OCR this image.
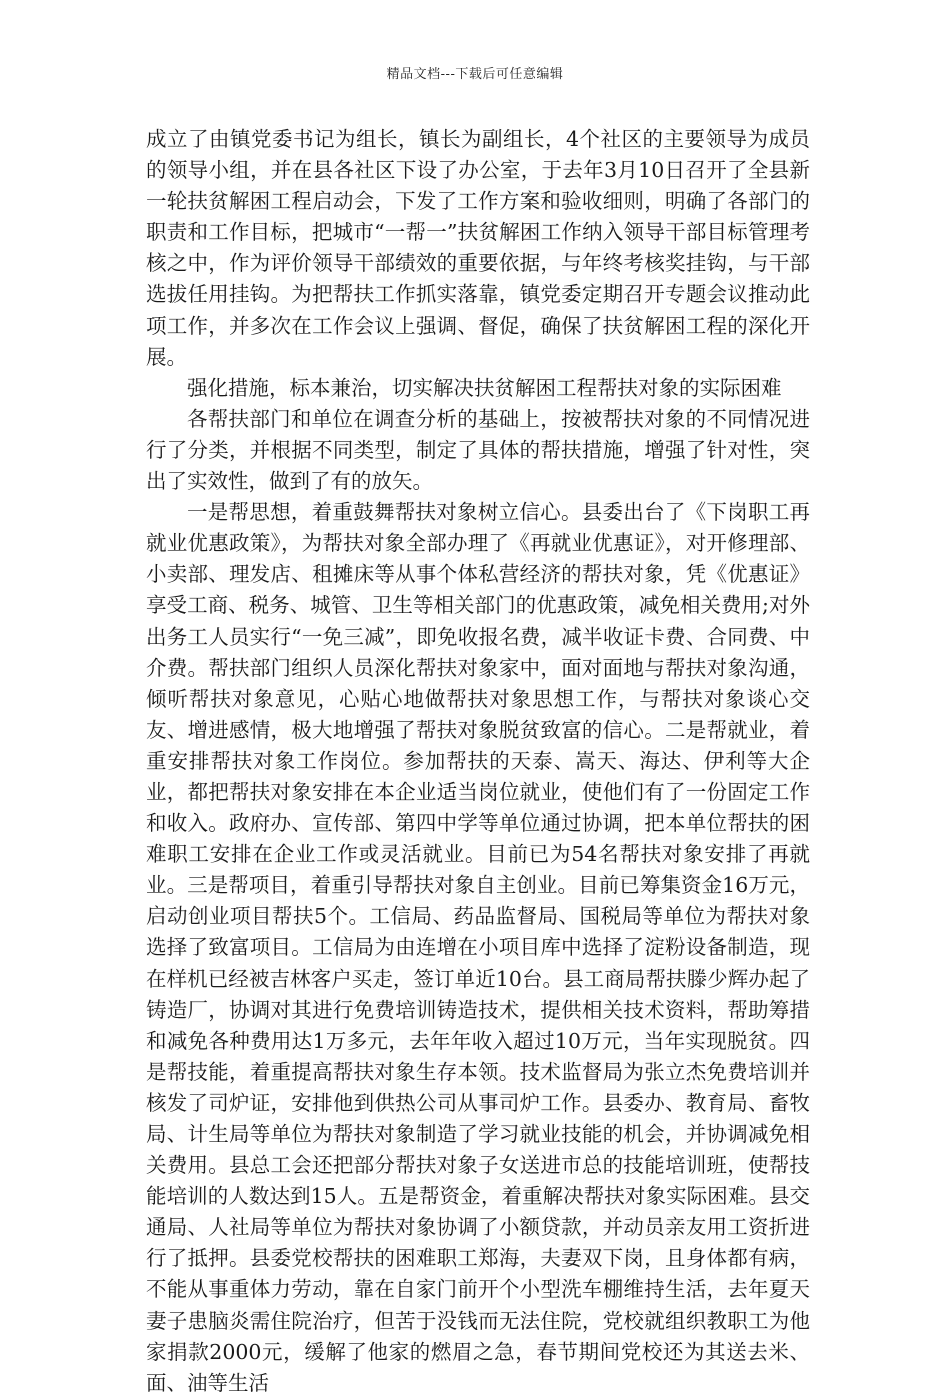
精品文档---下载后可任意编辑

成立了由镇党委书记为组长，镇长为副组长，4个社区的主要领导为成员的领导小组，并在县各社区下设了办公室，于去年3月10日召开了全县新一轮扶贫解困工程启动会，下发了工作方案和验收细则，明确了各部门的职责和工作目标，把城市“一帮一”扶贫解困工作纳入领导干部目标管理考核之中，作为评价领导干部绩效的重要依据，与年终考核奖挂钩，与干部选拔任用挂钩。为把帮扶工作抓实落靠，镇党委定期召开专题会议推动此项工作，并多次在工作会议上强调、督促，确保了扶贫解困工程的深化开展。

强化措施，标本兼治，切实解决扶贫解困工程帮扶对象的实际困难

各帮扶部门和单位在调查分析的基础上，按被帮扶对象的不同情况进行了分类，并根据不同类型，制定了具体的帮扶措施，增强了针对性，突出了实效性，做到了有的放矢。

一是帮思想，着重鼓舞帮扶对象树立信心。县委出台了《下岗职工再就业优惠政策》，为帮扶对象全部办理了《再就业优惠证》，对开修理部、小卖部、理发店、租摊床等从事个体私营经济的帮扶对象，凭《优惠证》享受工商、税务、城管、卫生等相关部门的优惠政策，减免相关费用;对外出务工人员实行“一免三减”，即免收报名费，减半收证卡费、合同费、中介费。帮扶部门组织人员深化帮扶对象家中，面对面地与帮扶对象沟通，倾听帮扶对象意见，心贴心地做帮扶对象思想工作，与帮扶对象谈心交友、增进感情，极大地增强了帮扶对象脱贫致富的信心。二是帮就业，着重安排帮扶对象工作岗位。参加帮扶的天泰、嵩天、海达、伊利等大企业，都把帮扶对象安排在本企业适当岗位就业，使他们有了一份固定工作和收入。政府办、宣传部、第四中学等单位通过协调，把本单位帮扶的困难职工安排在企业工作或灵活就业。目前已为54名帮扶对象安排了再就业。三是帮项目，着重引导帮扶对象自主创业。目前已筹集资金16万元，启动创业项目帮扶5个。工信局、药品监督局、国税局等单位为帮扶对象选择了致富项目。工信局为由连增在小项目库中选择了淀粉设备制造，现在样机已经被吉林客户买走，签订单近10台。县工商局帮扶滕少辉办起了铸造厂，协调对其进行免费培训铸造技术，提供相关技术资料，帮助筹措和减免各种费用达1万多元，去年年收入超过10万元，当年实现脱贫。四是帮技能，着重提高帮扶对象生存本领。技术监督局为张立杰免费培训并核发了司炉证，安排他到供热公司从事司炉工作。县委办、教育局、畜牧局、计生局等单位为帮扶对象制造了学习就业技能的机会，并协调减免相关费用。县总工会还把部分帮扶对象子女送进市总的技能培训班，使帮技能培训的人数达到15人。五是帮资金，着重解决帮扶对象实际困难。县交通局、人社局等单位为帮扶对象协调了小额贷款，并动员亲友用工资折进行了抵押。县委党校帮扶的困难职工郑海，夫妻双下岗，且身体都有病，不能从事重体力劳动，靠在自家门前开个小型洗车棚维持生活，去年夏天妻子患脑炎需住院治疗，但苦于没钱而无法住院，党校就组织教职工为他家捐款2000元，缓解了他家的燃眉之急，春节期间党校还为其送去米、面、油等生活
